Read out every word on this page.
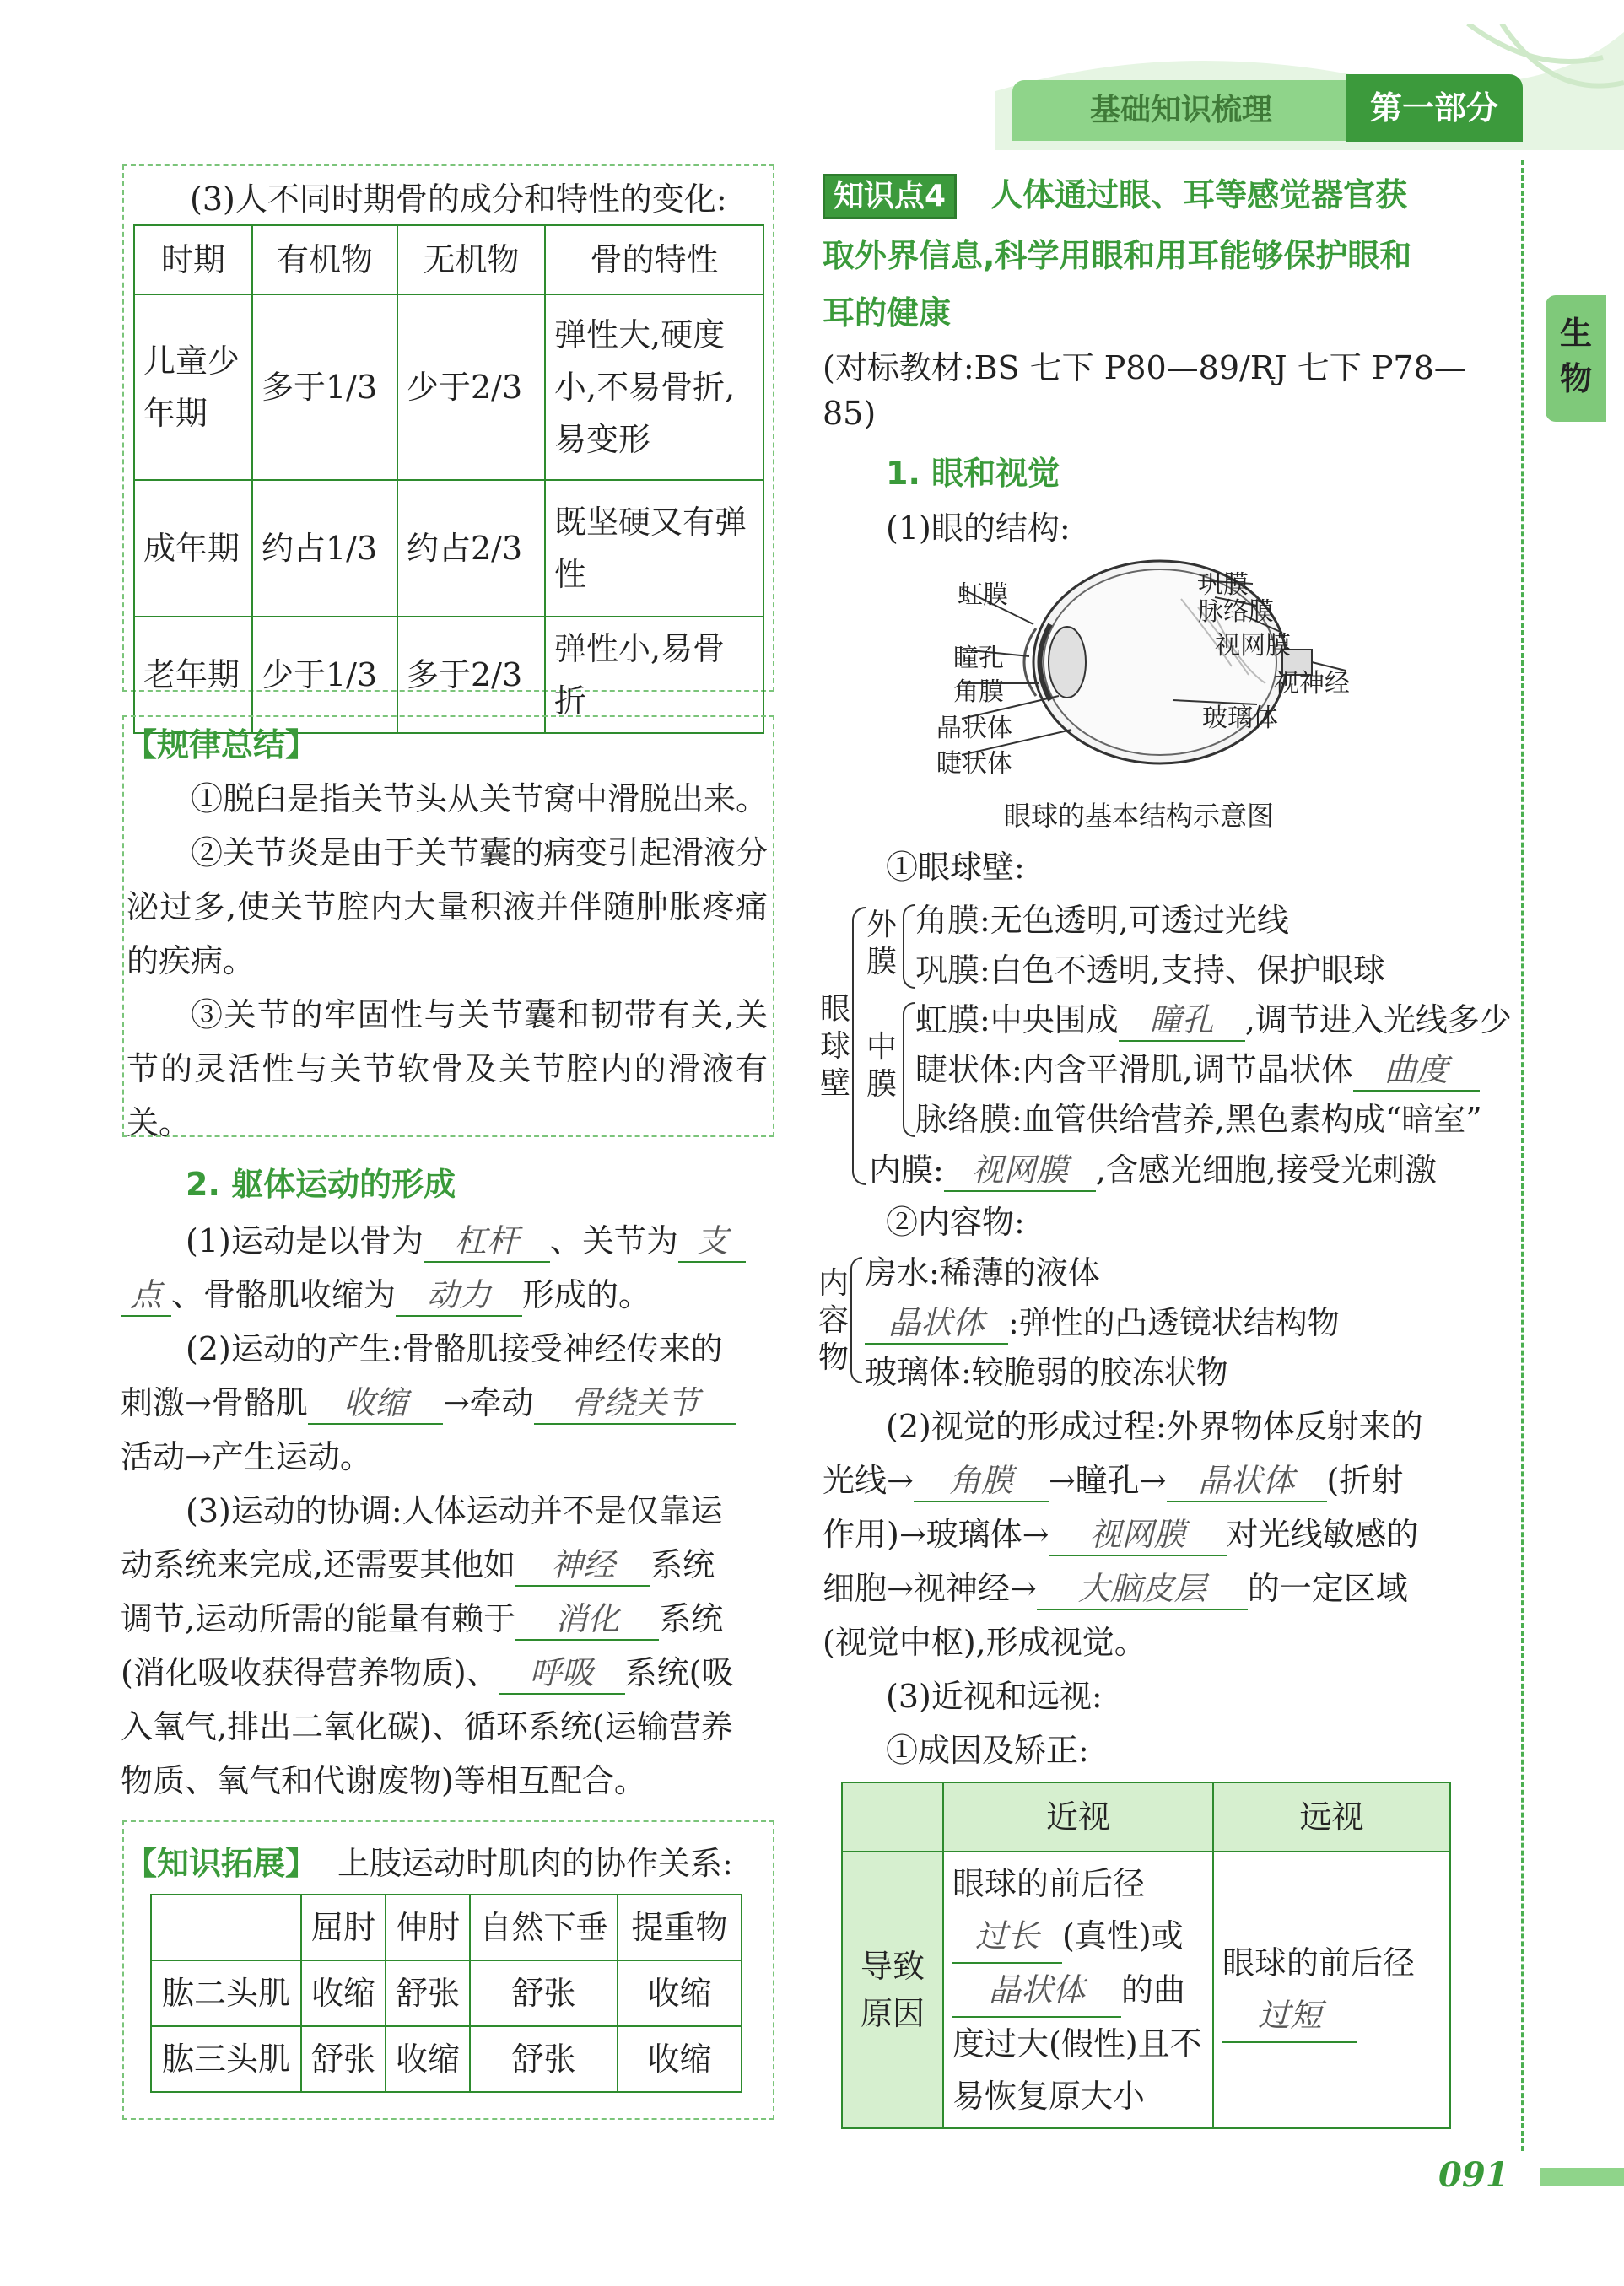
基础知识梳理	第一部分
生物
(3)人不同时期骨的成分和特性的变化:
时期	有机物	无机物	骨的特性
儿童少年期	多于1/3	少于2/3	弹性大,硬度小,不易骨折,易变形
成年期	约占1/3	约占2/3	既坚硬又有弹性
老年期	少于1/3	多于2/3	弹性小,易骨折
【规律总结】
①脱臼是指关节头从关节窝中滑脱出来。
②关节炎是由于关节囊的病变引起滑液分泌过多,使关节腔内大量积液并伴随肿胀疼痛的疾病。
③关节的牢固性与关节囊和韧带有关,关节的灵活性与关节软骨及关节腔内的滑液有关。
2. 躯体运动的形成
(1)运动是以骨为 杠杆 、关节为 支
点 、骨骼肌收缩为 动力 形成的。
(2)运动的产生:骨骼肌接受神经传来的
刺激→骨骼肌 收缩 →牵动 骨绕关节
活动→产生运动。
(3)运动的协调:人体运动并不是仅靠运
动系统来完成,还需要其他如 神经 系统
调节,运动所需的能量有赖于 消化 系统
(消化吸收获得营养物质)、 呼吸 系统(吸
入氧气,排出二氧化碳)、循环系统(运输营养
物质、氧气和代谢废物)等相互配合。
【知识拓展】 上肢运动时肌肉的协作关系:
	屈肘	伸肘	自然下垂	提重物
肱二头肌	收缩	舒张	舒张	收缩
肱三头肌	舒张	收缩	舒张	收缩
知识点4 人体通过眼、耳等感觉器官获
取外界信息,科学用眼和用耳能够保护眼和
耳的健康
(对标教材:BS 七下 P80—89/RJ 七下 P78—
85)
1. 眼和视觉
(1)眼的结构:
虹膜
瞳孔
角膜
晶状体
睫状体
巩膜
脉络膜
视网膜
视神经
玻璃体
眼球的基本结构示意图
①眼球壁:
眼球壁
外膜
角膜:无色透明,可透过光线
巩膜:白色不透明,支持、保护眼球
中膜
虹膜:中央围成 瞳孔 ,调节进入光线多少
睫状体:内含平滑肌,调节晶状体 曲度
脉络膜:血管供给营养,黑色素构成“暗室”
内膜: 视网膜 ,含感光细胞,接受光刺激
②内容物:
内容物
房水:稀薄的液体
晶状体 :弹性的凸透镜状结构物
玻璃体:较脆弱的胶冻状物
(2)视觉的形成过程:外界物体反射来的
光线→ 角膜 →瞳孔→ 晶状体 (折射
作用)→玻璃体→ 视网膜 对光线敏感的
细胞→视神经→ 大脑皮层 的一定区域
(视觉中枢),形成视觉。
(3)近视和远视:
①成因及矫正:
	近视	远视
导致原因	眼球的前后径
过长 (真性)或
晶状体 的曲
度过大(假性)且不
易恢复原大小	眼球的前后径
过短
091
